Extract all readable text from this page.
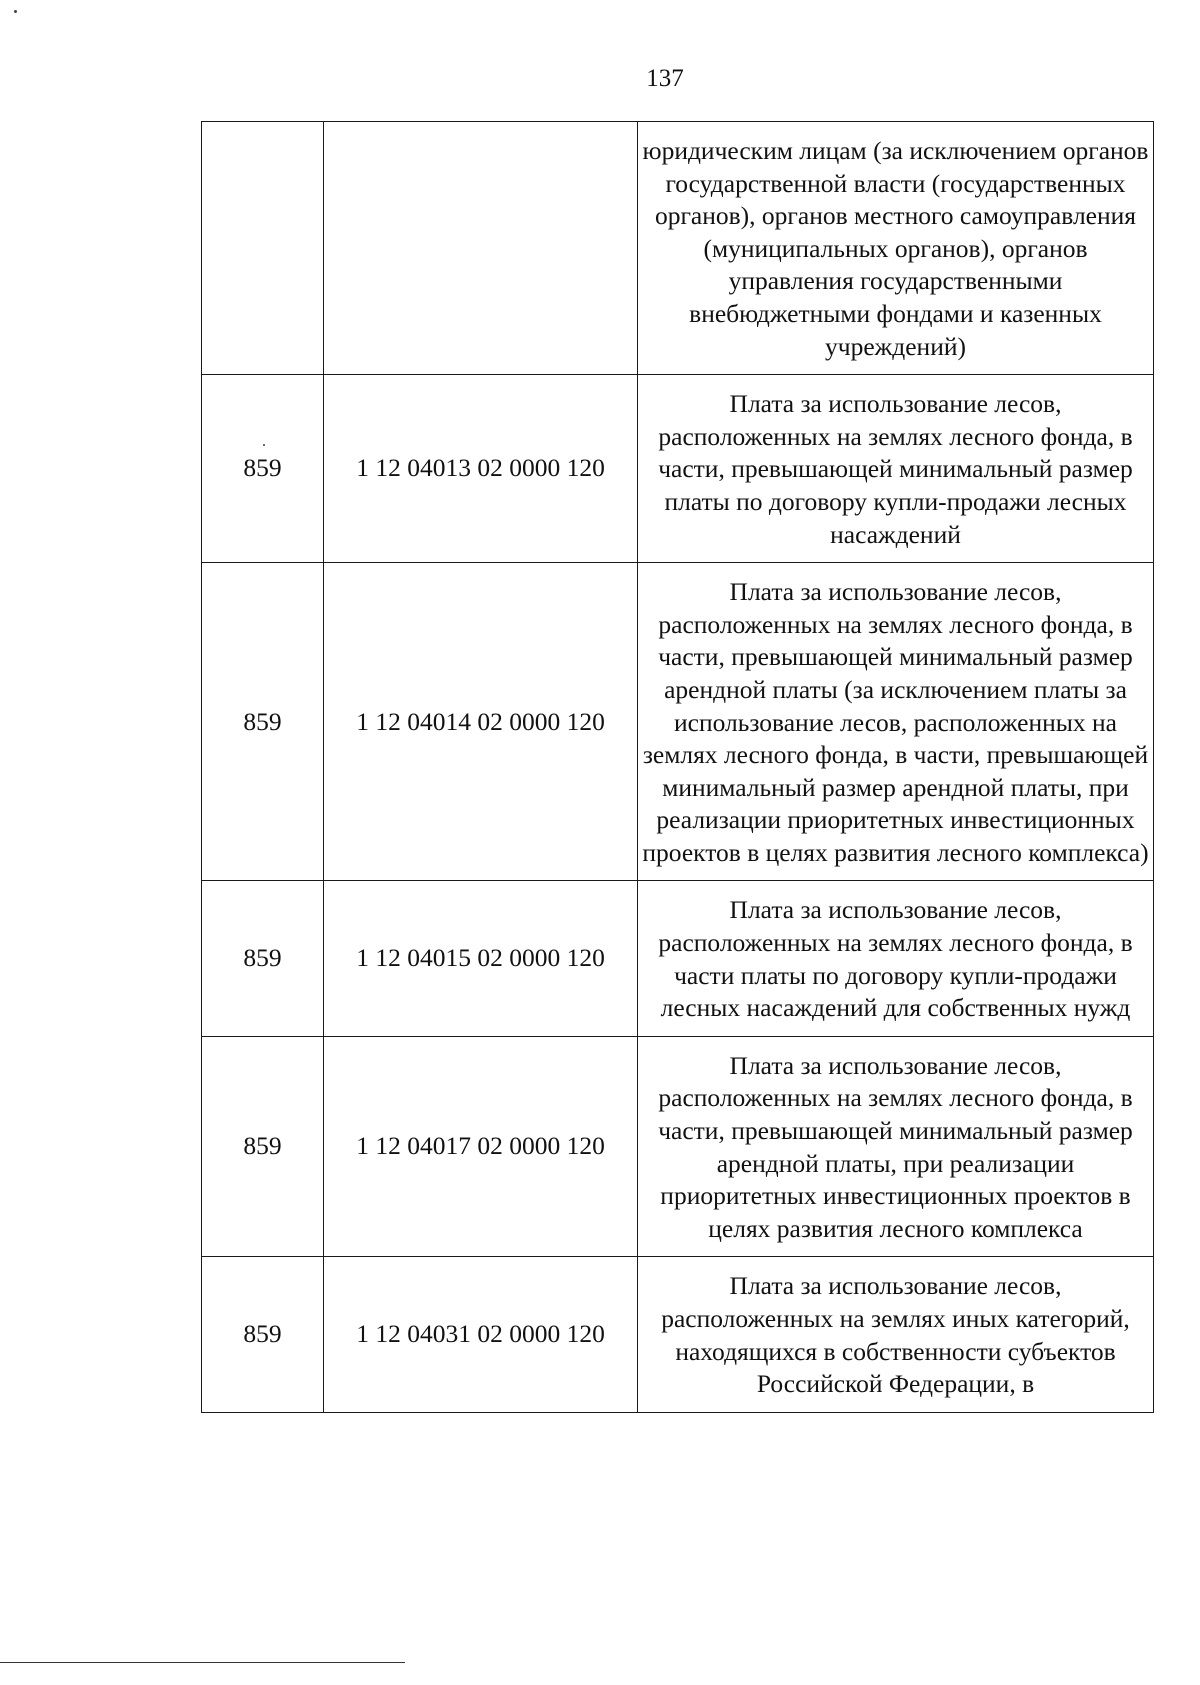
137
		юридическим лицам (за исключением органов государственной власти (государственных органов), органов местного самоуправления (муниципальных органов), органов управления государственными внебюджетными фондами и казенных учреждений)
859	1 12 04013 02 0000 120	Плата за использование лесов, расположенных на землях лесного фонда, в части, превышающей минимальный размер платы по договору купли-продажи лесных насаждений
859	1 12 04014 02 0000 120	Плата за использование лесов, расположенных на землях лесного фонда, в части, превышающей минимальный размер арендной платы (за исключением платы за использование лесов, расположенных на землях лесного фонда, в части, превышающей минимальный размер арендной платы, при реализации приоритетных инвестиционных проектов в целях развития лесного комплекса)
859	1 12 04015 02 0000 120	Плата за использование лесов, расположенных на землях лесного фонда, в части платы по договору купли-продажи лесных насаждений для собственных нужд
859	1 12 04017 02 0000 120	Плата за использование лесов, расположенных на землях лесного фонда, в части, превышающей минимальный размер арендной платы, при реализации приоритетных инвестиционных проектов в целях развития лесного комплекса
859	1 12 04031 02 0000 120	Плата за использование лесов, расположенных на землях иных категорий, находящихся в собственности субъектов Российской Федерации, в
